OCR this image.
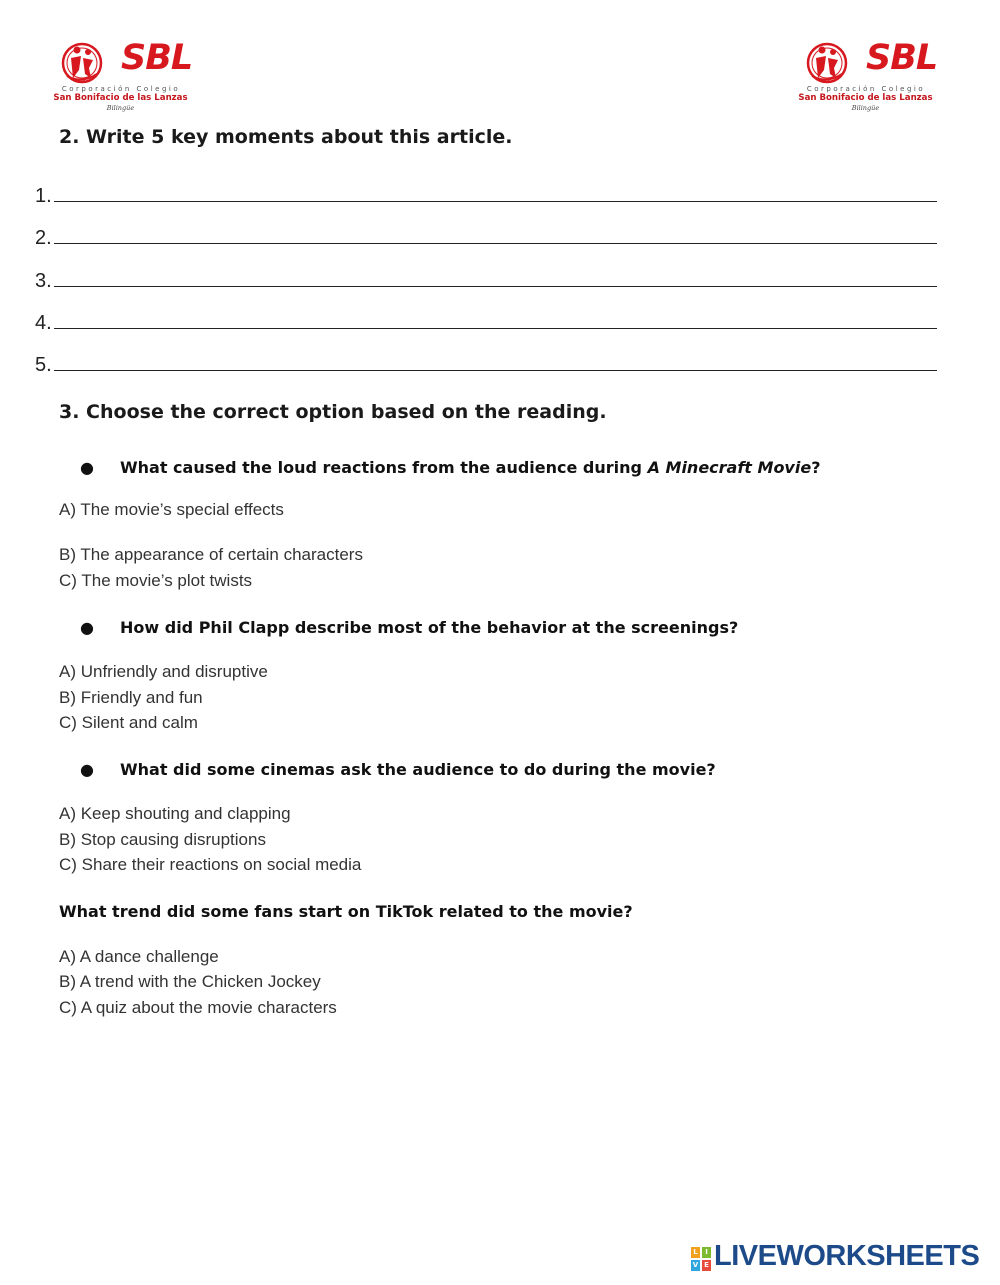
SBL
Corporación Colegio
San Bonifacio de las Lanzas
Bilingüe
SBL
Corporación Colegio
San Bonifacio de las Lanzas
Bilingüe
2. Write 5 key moments about this article.
1.
2.
3.
4.
5.
3. Choose the correct option based on the reading.
● What caused the loud reactions from the audience during A Minecraft Movie?
A) The movie’s special effects
B) The appearance of certain characters
C) The movie’s plot twists
● How did Phil Clapp describe most of the behavior at the screenings?
A) Unfriendly and disruptive
B) Friendly and fun
C) Silent and calm
● What did some cinemas ask the audience to do during the movie?
A) Keep shouting and clapping
B) Stop causing disruptions
C) Share their reactions on social media
What trend did some fans start on TikTok related to the movie?
A) A dance challenge
B) A trend with the Chicken Jockey
C) A quiz about the movie characters
L	I
V E LIVEWORKSHEETS
